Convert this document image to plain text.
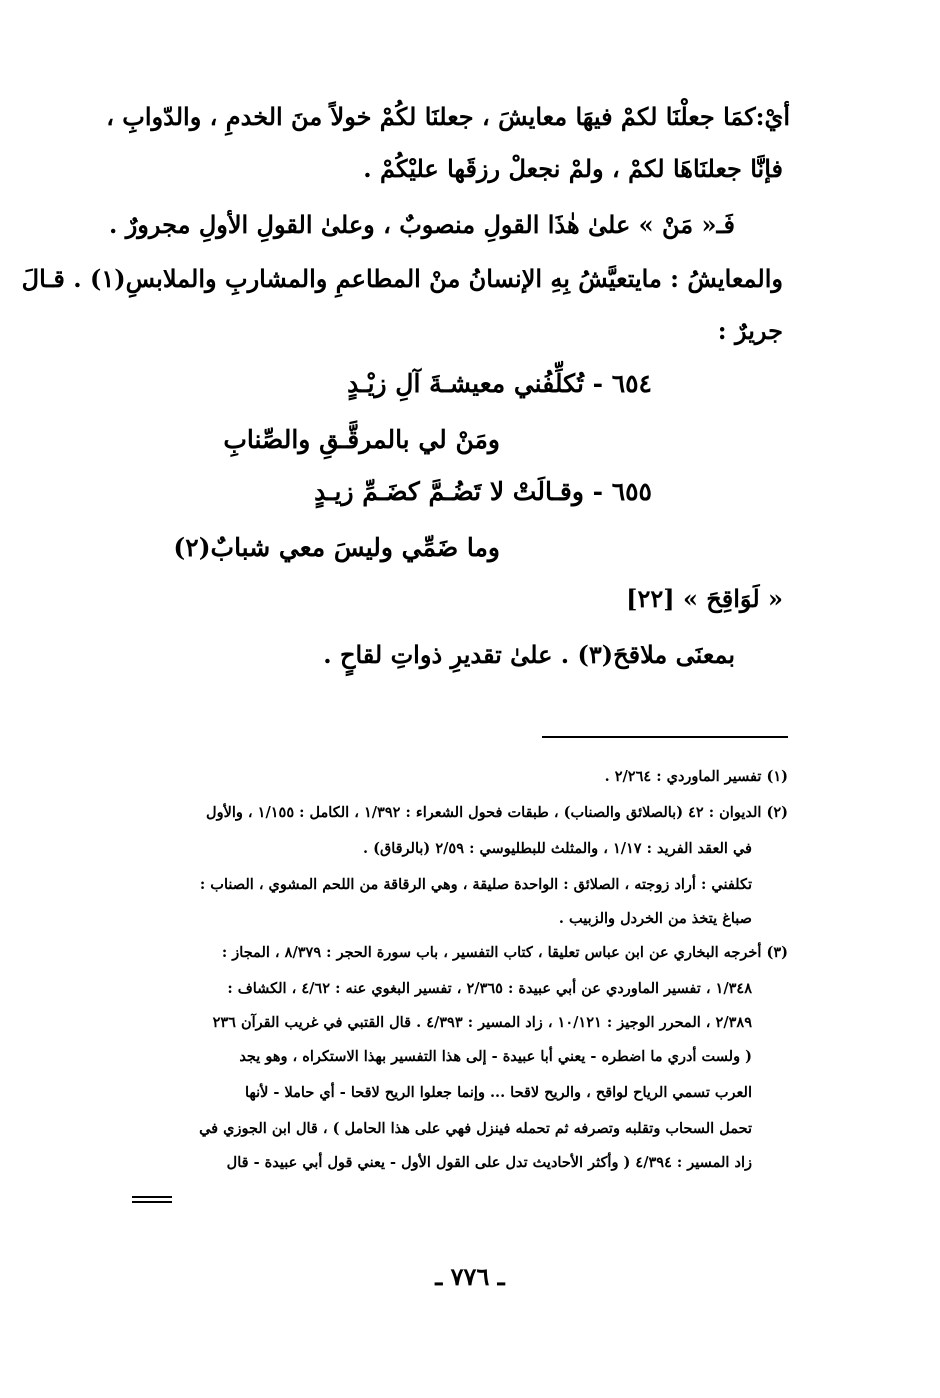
أيْ:كمَا جعلْنَا لكمْ فيهَا معايشَ ، جعلنَا لكُمْ خولاً منَ الخدمِ ، والدّوابِ ،
فإنَّا جعلنَاهَا لكمْ ، ولمْ نجعلْ رزقَها عليْكُمْ .
فَـ« مَنْ » علىٰ هٰذَا القولِ منصوبٌ ، وعلىٰ القولِ الأولِ مجرورٌ .
والمعايشُ : مايتعيَّشُ بِهِ الإنسانُ منْ المطاعمِ والمشاربِ والملابسِ(١) . قـالَ
جريرٌ :
٦٥٤ - تُكلِّفُني معيشـةَ آلِ زيْـدٍ
ومَنْ لي بالمرقَّـقِ والصِّنابِ
٦٥٥ - وقـالَتْ لا تَضُـمَّ كضَـمِّ زيـدٍ
وما ضَمِّي وليسَ معي شبابٌ(٢)
« لَوَاقِحَ » [٢٢]
بمعنَى ملاقحَ(٣) . علىٰ تقديرِ ذواتِ لقاحٍ .
(١) تفسير الماوردي : ٢/٢٦٤ .
(٢) الديوان : ٤٢ (بالصلائق والصناب) ، طبقات فحول الشعراء : ١/٣٩٢ ، الكامل : ١/١٥٥ ، والأول
في العقد الفريد : ١/١٧ ، والمثلث للبطليوسي : ٢/٥٩ (بالرقاق) .
تكلفني : أراد زوجته ، الصلائق : الواحدة صليقة ، وهي الرقاقة من اللحم المشوي ، الصناب :
صباغ يتخذ من الخردل والزبيب .
(٣) أخرجه البخاري عن ابن عباس تعليقا ، كتاب التفسير ، باب سورة الحجر : ٨/٣٧٩ ، المجاز :
١/٣٤٨ ، تفسير الماوردي عن أبي عبيدة : ٢/٣٦٥ ، تفسير البغوي عنه : ٤/٦٢ ، الكشاف :
٢/٣٨٩ ، المحرر الوجيز : ١٠/١٢١ ، زاد المسير : ٤/٣٩٣ . قال القتبي في غريب القرآن ٢٣٦
( ولست أدري ما اضطره - يعني أبا عبيدة - إلى هذا التفسير بهذا الاستكراه ، وهو يجد
العرب تسمي الرياح لواقح ، والريح لاقحا ... وإنما جعلوا الريح لاقحا - أي حاملا - لأنها
تحمل السحاب وتقلبه وتصرفه ثم تحمله فينزل فهي على هذا الحامل ) ، قال ابن الجوزي في
زاد المسير : ٤/٣٩٤ ( وأكثر الأحاديث تدل على القول الأول - يعني قول أبي عبيدة - قال
ـ ٧٧٦ ـ
